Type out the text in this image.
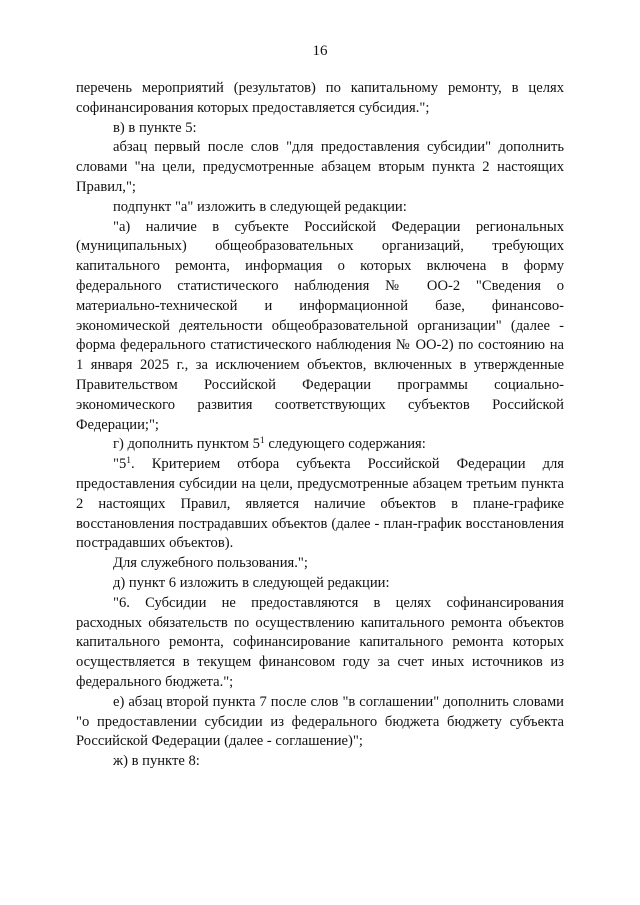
16

перечень мероприятий (результатов) по капитальному ремонту, в целях софинансирования которых предоставляется субсидия.";

в) в пункте 5:

абзац первый после слов "для предоставления субсидии" дополнить словами "на цели, предусмотренные абзацем вторым пункта 2 настоящих Правил,";

подпункт "а" изложить в следующей редакции:

"а) наличие в субъекте Российской Федерации региональных (муниципальных) общеобразовательных организаций, требующих капитального ремонта, информация о которых включена в форму федерального статистического наблюдения № ОО-2 "Сведения о материально-технической и информационной базе, финансово-экономической деятельности общеобразовательной организации" (далее - форма федерального статистического наблюдения № ОО-2) по состоянию на 1 января 2025 г., за исключением объектов, включенных в утвержденные Правительством Российской Федерации программы социально-экономического развития соответствующих субъектов Российской Федерации;";

г) дополнить пунктом $5^1$ следующего содержания:

"$5^1$. Критерием отбора субъекта Российской Федерации для предоставления субсидии на цели, предусмотренные абзацем третьим пункта 2 настоящих Правил, является наличие объектов в плане-графике восстановления пострадавших объектов (далее - план-график восстановления пострадавших объектов).

Для служебного пользования.";

д) пункт 6 изложить в следующей редакции:

"6. Субсидии не предоставляются в целях софинансирования расходных обязательств по осуществлению капитального ремонта объектов капитального ремонта, софинансирование капитального ремонта которых осуществляется в текущем финансовом году за счет иных источников из федерального бюджета.";

е) абзац второй пункта 7 после слов "в соглашении" дополнить словами "о предоставлении субсидии из федерального бюджета бюджету субъекта Российской Федерации (далее - соглашение)";

ж) в пункте 8:
